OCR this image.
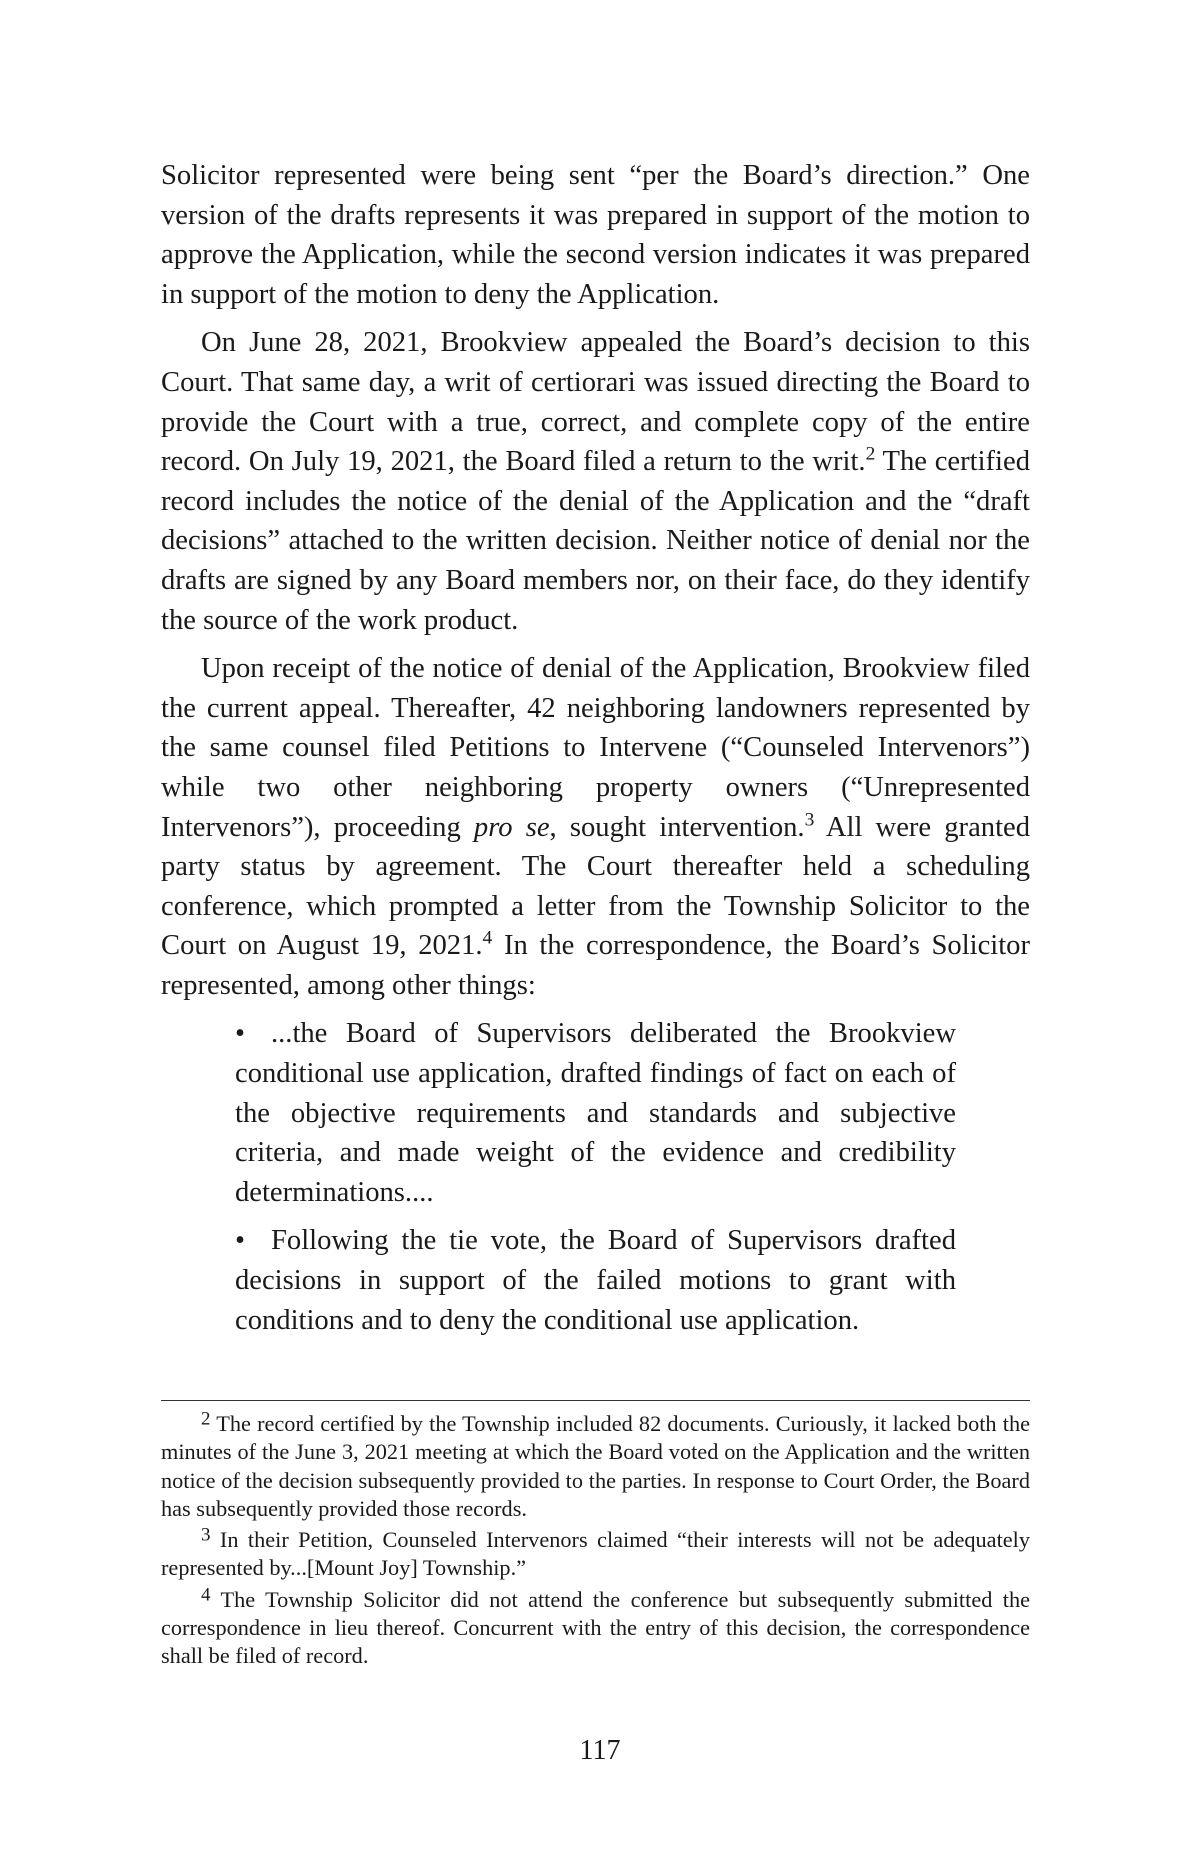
Solicitor represented were being sent “per the Board’s direction.” One version of the drafts represents it was prepared in support of the motion to approve the Application, while the second version indicates it was prepared in support of the motion to deny the Application.

On June 28, 2021, Brookview appealed the Board’s decision to this Court. That same day, a writ of certiorari was issued directing the Board to provide the Court with a true, correct, and complete copy of the entire record. On July 19, 2021, the Board filed a return to the writ.$^2$ The certified record includes the notice of the denial of the Application and the “draft decisions” attached to the written decision. Neither notice of denial nor the drafts are signed by any Board members nor, on their face, do they identify the source of the work product.

Upon receipt of the notice of denial of the Application, Brookview filed the current appeal. Thereafter, 42 neighboring landowners represented by the same counsel filed Petitions to Intervene (“Counseled Intervenors”) while two other neighboring property owners (“Unrepresented Intervenors”), proceeding pro se, sought intervention.$^3$ All were granted party status by agreement. The Court thereafter held a scheduling conference, which prompted a letter from the Township Solicitor to the Court on August 19, 2021.$^4$ In the correspondence, the Board’s Solicitor represented, among other things:

• ...the Board of Supervisors deliberated the Brookview conditional use application, drafted findings of fact on each of the objective requirements and standards and subjective criteria, and made weight of the evidence and credibility determinations....
• Following the tie vote, the Board of Supervisors drafted decisions in support of the failed motions to grant with conditions and to deny the conditional use application.

$^2$ The record certified by the Township included 82 documents. Curiously, it lacked both the minutes of the June 3, 2021 meeting at which the Board voted on the Application and the written notice of the decision subsequently provided to the parties. In response to Court Order, the Board has subsequently provided those records.

$^3$ In their Petition, Counseled Intervenors claimed “their interests will not be adequately represented by...[Mount Joy] Township.”

$^4$ The Township Solicitor did not attend the conference but subsequently submitted the correspondence in lieu thereof. Concurrent with the entry of this decision, the correspondence shall be filed of record.

117
